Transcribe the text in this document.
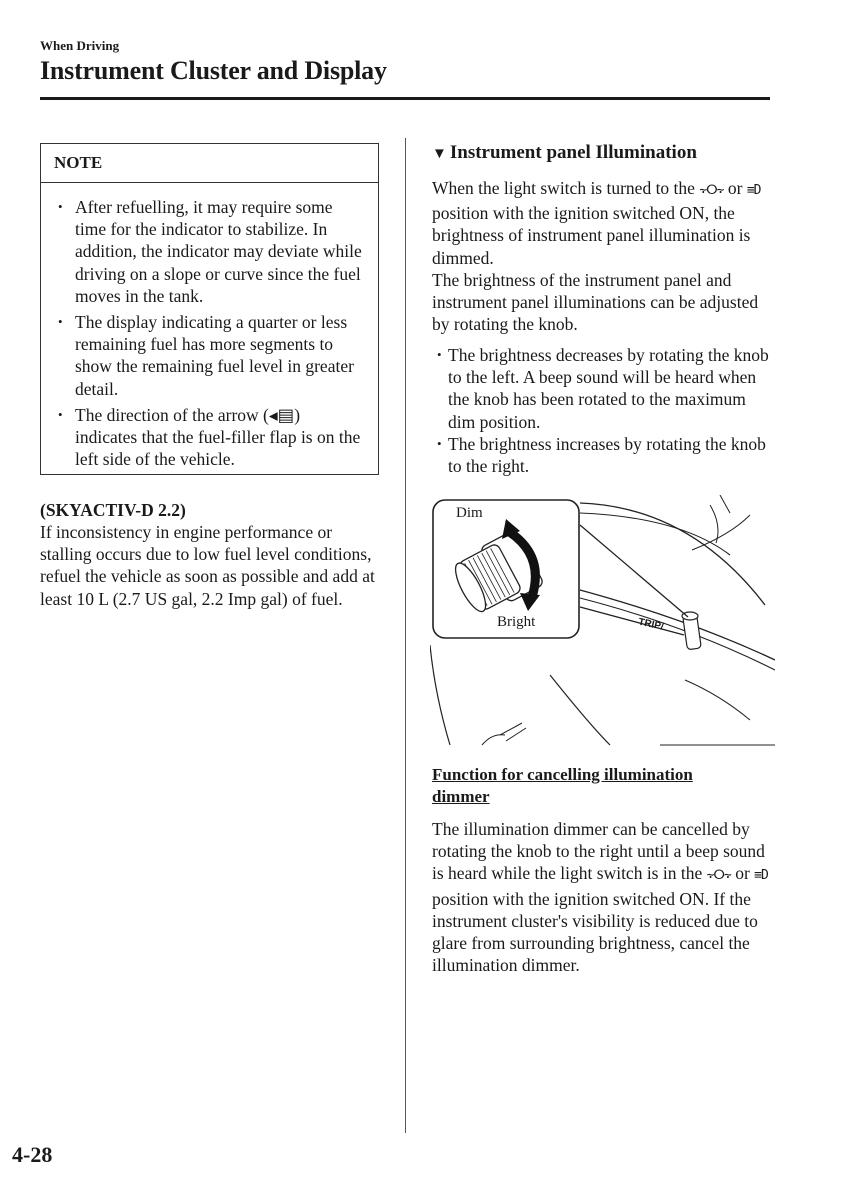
When Driving
Instrument Cluster and Display
NOTE
• After refuelling, it may require some time for the indicator to stabilize. In addition, the indicator may deviate while driving on a slope or curve since the fuel moves in the tank.
• The display indicating a quarter or less remaining fuel has more segments to show the remaining fuel level in greater detail.
• The direction of the arrow (◂▤) indicates that the fuel-filler flap is on the left side of the vehicle.
(SKYACTIV-D 2.2)
If inconsistency in engine performance or stalling occurs due to low fuel level conditions, refuel the vehicle as soon as possible and add at least 10 L (2.7 US gal, 2.2 Imp gal) of fuel.
▼ Instrument panel Illumination
When the light switch is turned to the ⸟ⵔ⸟ or ≡D position with the ignition switched ON, the brightness of instrument panel illumination is dimmed.
The brightness of the instrument panel and instrument panel illuminations can be adjusted by rotating the knob.
• The brightness decreases by rotating the knob to the left. A beep sound will be heard when the knob has been rotated to the maximum dim position.
• The brightness increases by rotating the knob to the right.
Dim
Bright	TRIP/
Function for cancelling illumination dimmer
The illumination dimmer can be cancelled by rotating the knob to the right until a beep sound is heard while the light switch is in the ⸟ⵔ⸟ or ≡D position with the ignition switched ON. If the instrument cluster's visibility is reduced due to glare from surrounding brightness, cancel the illumination dimmer.
4-28
